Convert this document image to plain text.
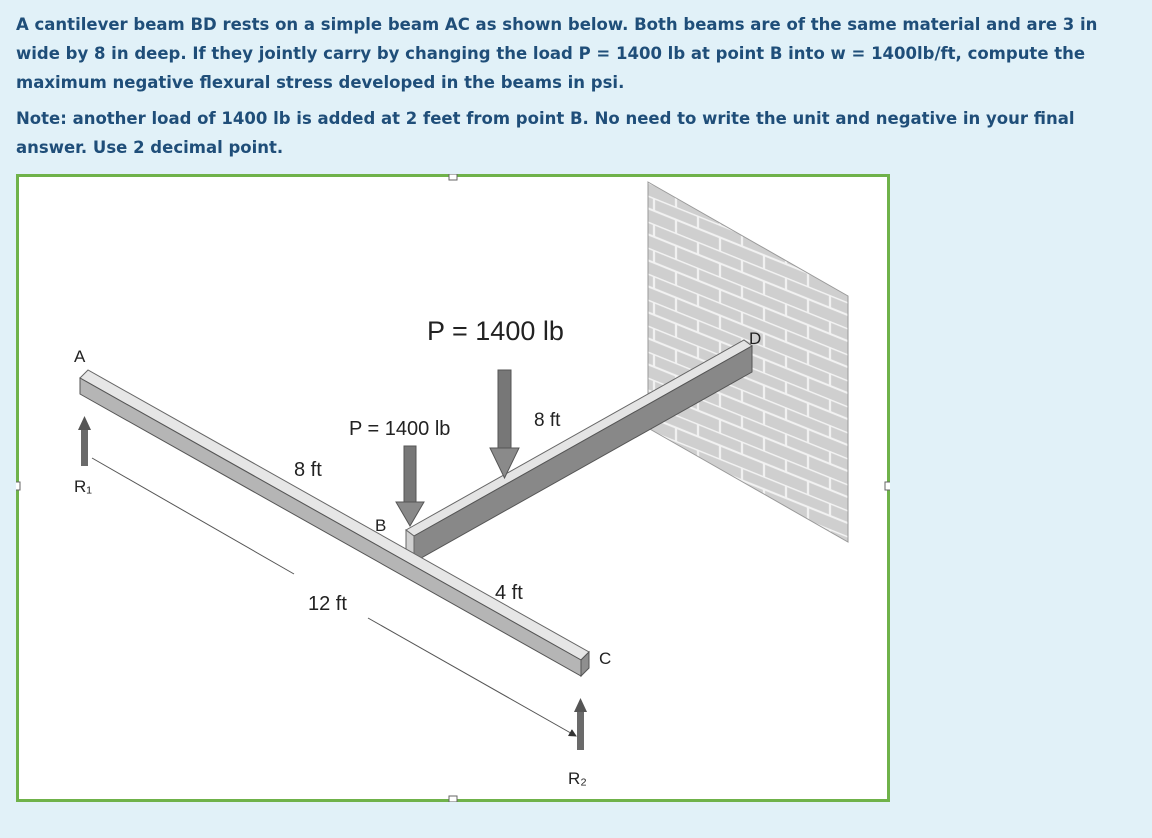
A cantilever beam BD rests on a simple beam AC as shown below. Both beams are of the same material and are 3 in wide by 8 in deep. If they jointly carry by changing the load P = 1400 lb at point B into w = 1400lb/ft, compute the maximum negative flexural stress developed in the beams in psi.

Note: another load of 1400 lb is added at 2 feet from point B. No need to write the unit and negative in your final answer. Use 2 decimal point.

A
R₁
P = 1400 lb
P = 1400 lb	8 ft
8 ft
B
12 ft	4 ft
C
R₂
D
